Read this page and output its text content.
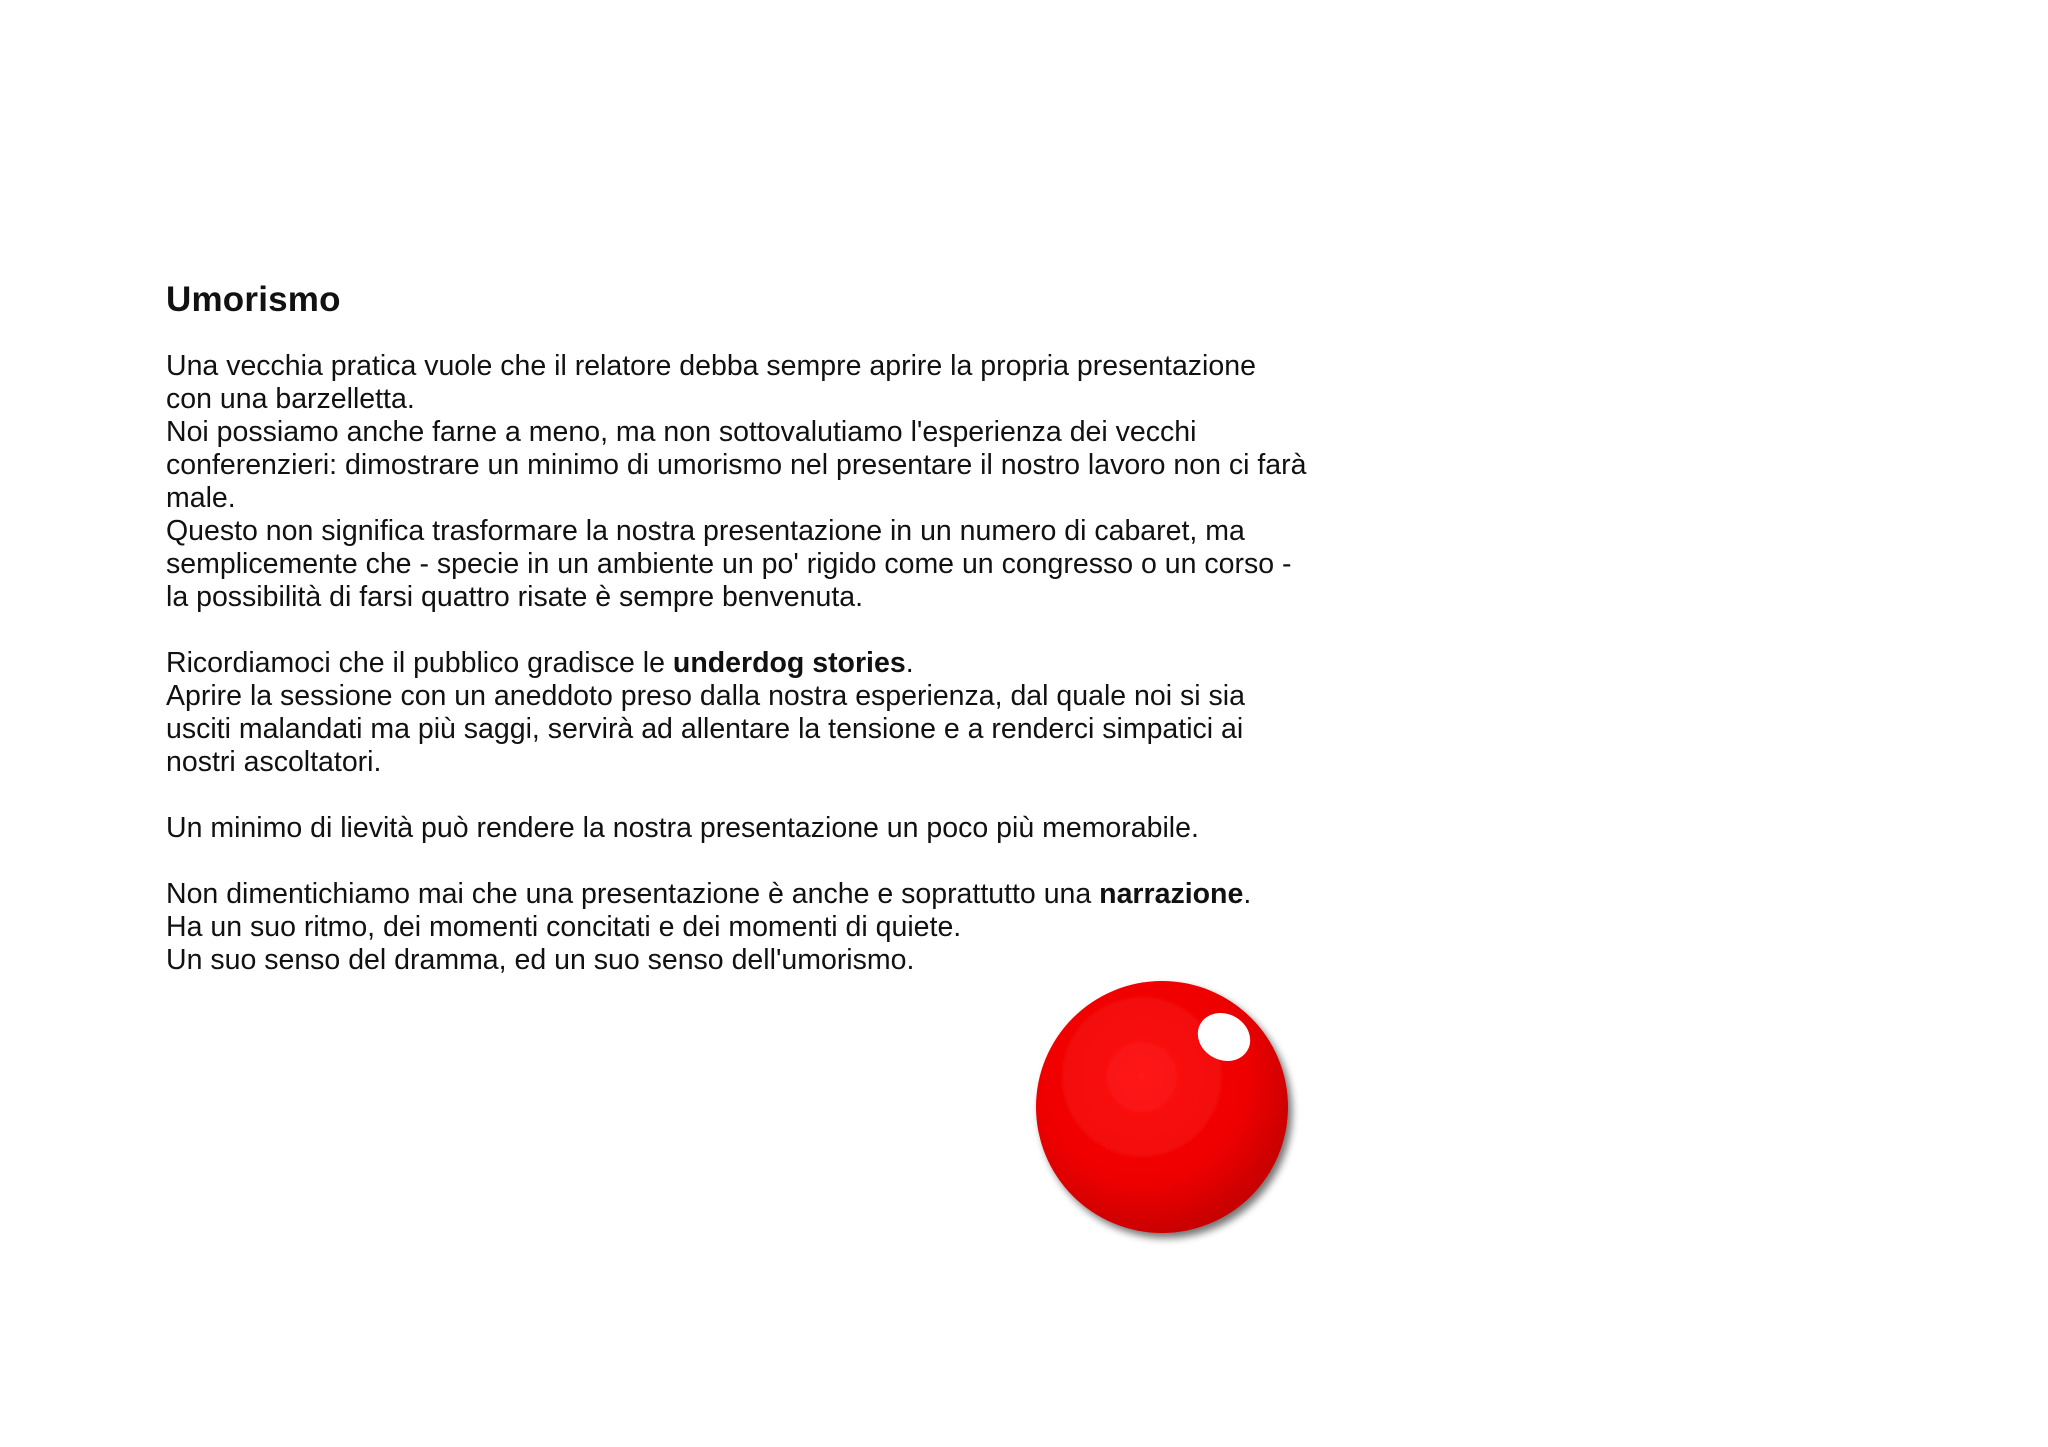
Umorismo
Una vecchia pratica vuole che il relatore debba sempre aprire la propria presentazione
con una barzelletta.
Noi possiamo anche farne a meno, ma non sottovalutiamo l'esperienza dei vecchi
conferenzieri: dimostrare un minimo di umorismo nel presentare il nostro lavoro non ci farà
male.
Questo non significa trasformare la nostra presentazione in un numero di cabaret, ma
semplicemente che - specie in un ambiente un po' rigido come un congresso o un corso -
la possibilità di farsi quattro risate è sempre benvenuta.
Ricordiamoci che il pubblico gradisce le underdog stories.
Aprire la sessione con un aneddoto preso dalla nostra esperienza, dal quale noi si sia
usciti malandati ma più saggi, servirà ad allentare la tensione e a renderci simpatici ai
nostri ascoltatori.
Un minimo di lievità può rendere la nostra presentazione un poco più memorabile.
Non dimentichiamo mai che una presentazione è anche e soprattutto una narrazione.
Ha un suo ritmo, dei momenti concitati e dei momenti di quiete.
Un suo senso del dramma, ed un suo senso dell'umorismo.
